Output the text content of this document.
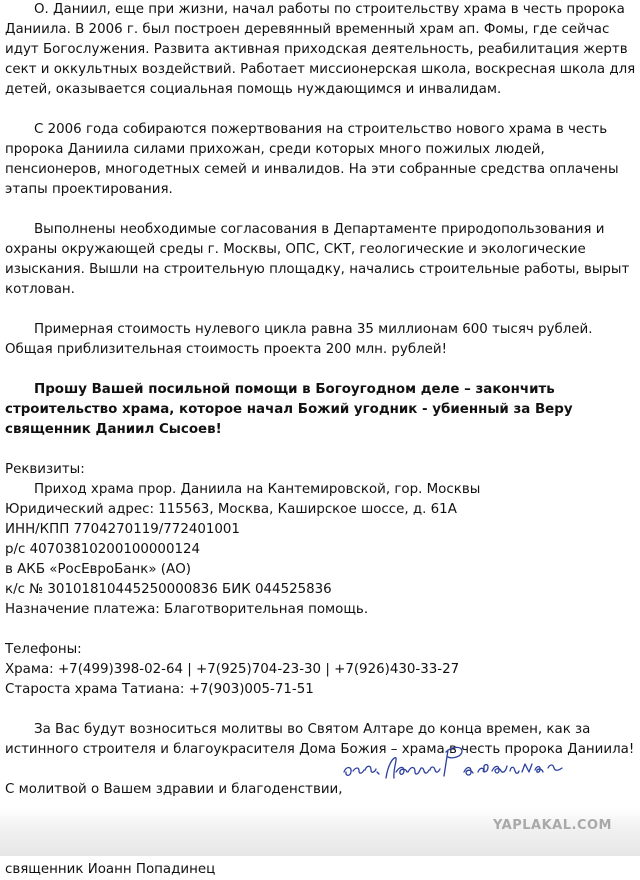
О. Даниил, еще при жизни, начал работы по строительству храма в честь пророка Даниила. В 2006 г. был построен деревянный временный храм ап. Фомы, где сейчас идут Богослужения. Развита активная приходская деятельность, реабилитация жертв сект и оккультных воздействий. Работает миссионерская школа, воскресная школа для детей, оказывается социальная помощь нуждающимся и инвалидам.

С 2006 года собираются пожертвования на строительство нового храма в честь пророка Даниила силами прихожан, среди которых много пожилых людей, пенсионеров, многодетных семей и инвалидов. На эти собранные средства оплачены этапы проектирования.

Выполнены необходимые согласования в Департаменте природопользования и охраны окружающей среды г. Москвы, ОПС, СКТ, геологические и экологические изыскания. Вышли на строительную площадку, начались строительные работы, вырыт котлован.

Примерная стоимость нулевого цикла равна 35 миллионам 600 тысяч рублей. Общая приблизительная стоимость проекта 200 млн. рублей!

Прошу Вашей посильной помощи в Богоугодном деле – закончить строительство храма, которое начал Божий угодник - убиенный за Веру священник Даниил Сысоев!

Реквизиты:

Приход храма прор. Даниила на Кантемировской, гор. Москвы

Юридический адрес: 115563, Москва, Каширское шоссе, д. 61А

ИНН/КПП 7704270119/772401001

р/с 40703810200100000124

в АКБ «РосЕвроБанк» (АО)

к/с № 30101810445250000836 БИК 044525836

Назначение платежа: Благотворительная помощь.

Телефоны:

Храма: +7(499)398-02-64 | +7(925)704-23-30 | +7(926)430-33-27

Староста храма Татиана: +7(903)005-71-51

За Вас будут возноситься молитвы во Святом Алтаре до конца времен, как за истинного строителя и благоукрасителя Дома Божия – храма в честь пророка Даниила!

С молитвой о Вашем здравии и благоденствии,

священник Иоанн Попадинец

YAPLAKAL.COM
